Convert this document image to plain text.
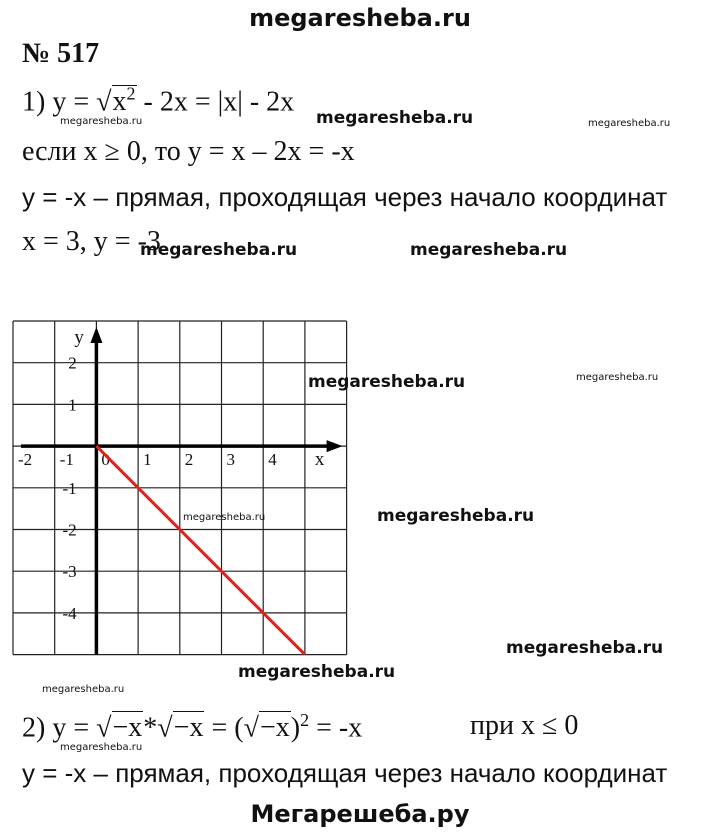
megaresheba.ru
№ 517
1) $y = √x^2 - 2x = |x| - 2x$
если x ≥ 0, то y = x – 2x = -x
y = -x – прямая, проходящая через начало координат
x = 3, y = -3
-2 -1 0 1 2 3 4
2
1
-1
-2
-3
-4
x
y
2) $y = √-x*√-x = (√-x)^2 = -x$	при x ≤ 0
y = -x – прямая, проходящая через начало координат
megaresheba.ru	megaresheba.ru	megaresheba.ru
megaresheba.ru	megaresheba.ru
megaresheba.ru	megaresheba.ru
megaresheba.ru	megaresheba.ru
megaresheba.ru
megaresheba.ru
megaresheba.ru
megaresheba.ru
Мегарешеба.ру
